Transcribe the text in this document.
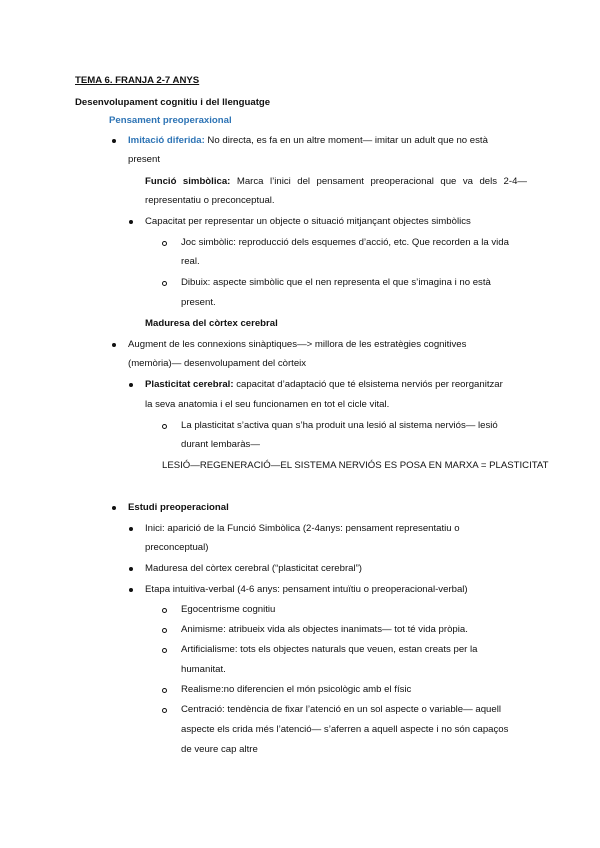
TEMA 6. FRANJA 2-7 ANYS
Desenvolupament cognitiu i del llenguatge
Pensament preoperaxional
Imitació diferida: No directa, es fa en un altre moment— imitar un adult que no està
present
Funció simbòlica: Marca l’inici del pensament preoperacional que va dels 2-4—
representatiu o preconceptual.
Capacitat per representar un objecte o situació mitjançant objectes simbòlics
Joc simbòlic: reproducció dels esquemes d’acció, etc. Que recorden a la vida
real.
Dibuix: aspecte simbòlic que el nen representa el que s’imagina i no està
present.
Maduresa del còrtex cerebral
Augment de les connexions sinàptiques—> millora de les estratègies cognitives
(memòria)— desenvolupament del còrteix
Plasticitat cerebral: capacitat d’adaptació que té elsistema nerviós per reorganitzar
la seva anatomia i el seu funcionamen en tot el cicle vital.
La plasticitat s’activa quan s’ha produit una lesió al sistema nerviós— lesió
durant lembaràs—
LESIÓ—REGENERACIÓ—EL SISTEMA NERVIÓS ES POSA EN MARXA = PLASTICITAT
Estudi preoperacional
Inici: aparició de la Funció Simbòlica (2-4anys: pensament representatiu o
preconceptual)
Maduresa del còrtex cerebral (“plasticitat cerebral”)
Etapa intuitiva-verbal (4-6 anys: pensament intuïtiu o preoperacional-verbal)
Egocentrisme cognitiu
Animisme: atribueix vida als objectes inanimats— tot té vida pròpia.
Artificialisme: tots els objectes naturals que veuen, estan creats per la
humanitat.
Realisme:no diferencien el món psicològic amb el físic
Centració: tendència de fixar l’atenció en un sol aspecte o variable— aquell
aspecte els crida més l’atenció— s’aferren a aquell aspecte i no són capaços
de veure cap altre
